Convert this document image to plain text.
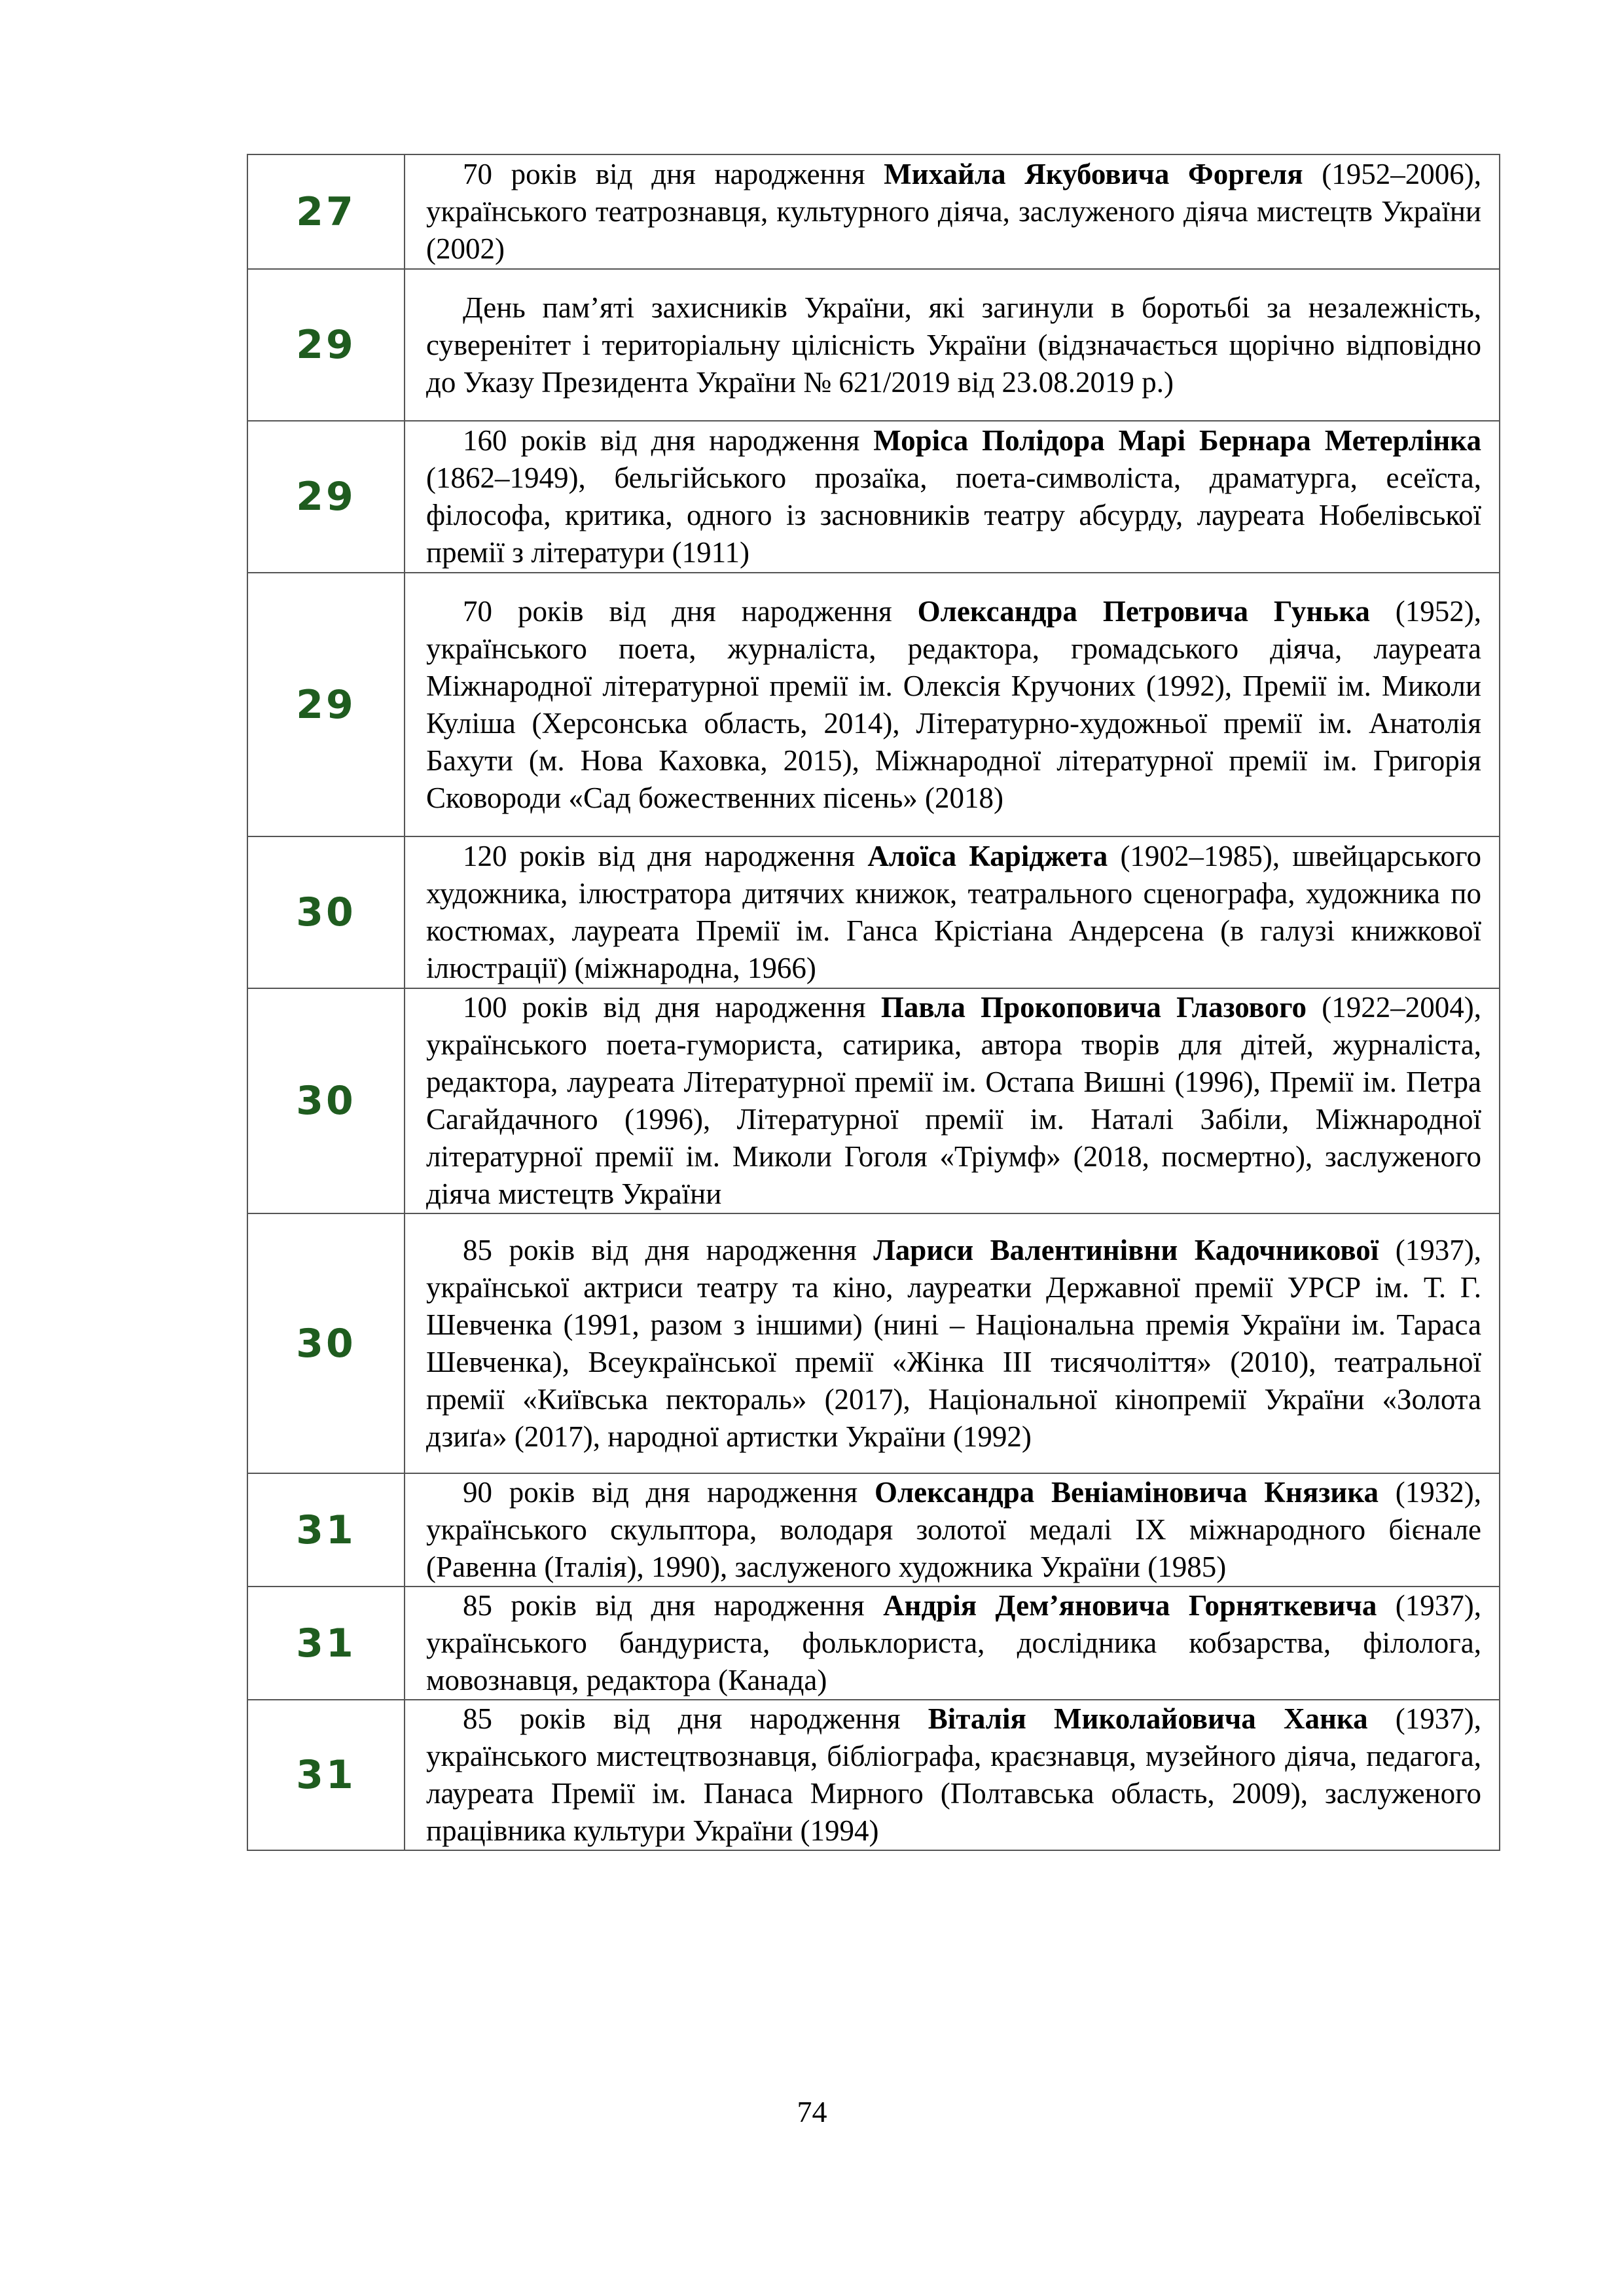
27	70 років від дня народження Михайла Якубовича Форгеля (1952–2006), українського театрознавця, культурного діяча, заслуженого діяча мистецтв України (2002)

29	День пам’яті захисників України, які загинули в боротьбі за незалежність, суверенітет і територіальну цілісність України (відзначається щорічно відповідно до Указу Президента України № 621/2019 від 23.08.2019 р.)

29	160 років від дня народження Моріса Полідора Марі Бернара Метерлінка (1862–1949), бельгійського прозаїка, поета-символіста, драматурга, есеїста, філософа, критика, одного із засновників театру абсурду, лауреата Нобелівської премії з літератури (1911)

29	70 років від дня народження Олександра Петровича Гунька (1952), українського поета, журналіста, редактора, громадського діяча, лауреата Міжнародної літературної премії ім. Олексія Кручоних (1992), Премії ім. Миколи Куліша (Херсонська область, 2014), Літературно-художньої премії ім. Анатолія Бахути (м. Нова Каховка, 2015), Міжнародної літературної премії ім. Григорія Сковороди «Сад божественних пісень» (2018)

30	120 років від дня народження Алоїса Каріджета (1902–1985), швейцарського художника, ілюстратора дитячих книжок, театрального сценографа, художника по костюмах, лауреата Премії ім. Ганса Крістіана Андерсена (в галузі книжкової ілюстрації) (міжнародна, 1966)

30	100 років від дня народження Павла Прокоповича Глазового (1922–2004), українського поета-гумориста, сатирика, автора творів для дітей, журналіста, редактора, лауреата Літературної премії ім. Остапа Вишні (1996), Премії ім. Петра Сагайдачного (1996), Літературної премії ім. Наталі Забіли, Міжнародної літературної премії ім. Миколи Гоголя «Тріумф» (2018, посмертно), заслуженого діяча мистецтв України

30	85 років від дня народження Лариси Валентинівни Кадочникової (1937), української актриси театру та кіно, лауреатки Державної премії УРСР ім. Т. Г. Шевченка (1991, разом з іншими) (нині – Національна премія України ім. Тараса Шевченка), Всеукраїнської премії «Жінка ІІІ тисячоліття» (2010), театральної премії «Київська пектораль» (2017), Національної кінопремії України «Золота дзиґа» (2017), народної артистки України (1992)

31	90 років від дня народження Олександра Веніаміновича Князика (1932), українського скульптора, володаря золотої медалі IX міжнародного бієнале (Равенна (Італія), 1990), заслуженого художника України (1985)

31	85 років від дня народження Андрія Дем’яновича Горняткевича (1937), українського бандуриста, фольклориста, дослідника кобзарства, філолога, мовознавця, редактора (Канада)

31	85 років від дня народження Віталія Миколайовича Ханка (1937), українського мистецтвознавця, бібліографа, краєзнавця, музейного діяча, педагога, лауреата Премії ім. Панаса Мирного (Полтавська область, 2009), заслуженого працівника культури України (1994)

74
